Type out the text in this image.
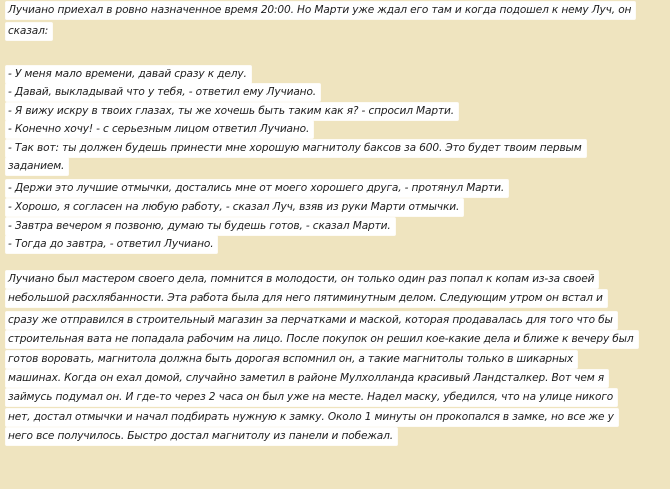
Лучиано приехал в ровно назначенное время 20:00. Но Марти уже ждал его там и когда подошел к нему Луч, он
сказал:
- У меня мало времени, давай сразу к делу.
- Давай, выкладывай что у тебя, - ответил ему Лучиано.
- Я вижу искру в твоих глазах, ты же хочешь быть таким как я? - спросил Марти.
- Конечно хочу! - с серьезным лицом ответил Лучиано.
- Так вот: ты должен будешь принести мне хорошую магнитолу баксов за 600. Это будет твоим первым
заданием.
- Держи это лучшие отмычки, достались мне от моего хорошего друга, - протянул Марти.
- Хорошо, я согласен на любую работу, - сказал Луч, взяв из руки Марти отмычки.
- Завтра вечером я позвоню, думаю ты будешь готов, - сказал Марти.
- Тогда до завтра, - ответил Лучиано.
Лучиано был мастером своего дела, помнится в молодости, он только один раз попал к копам из-за своей
небольшой расхлябанности. Эта работа была для него пятиминутным делом. Следующим утром он встал и
сразу же отправился в строительный магазин за перчатками и маской, которая продавалась для того что бы
строительная вата не попадала рабочим на лицо. После покупок он решил кое-какие дела и ближе к вечеру был
готов воровать, магнитола должна быть дорогая вспомнил он, а такие магнитолы только в шикарных
машинах. Когда он ехал домой, случайно заметил в районе Мулхолланда красивый Ландсталкер. Вот чем я
займусь подумал он. И где-то через 2 часа он был уже на месте. Надел маску, убедился, что на улице никого
нет, достал отмычки и начал подбирать нужную к замку. Около 1 минуты он прокопался в замке, но все же у
него все получилось. Быстро достал магнитолу из панели и побежал.
